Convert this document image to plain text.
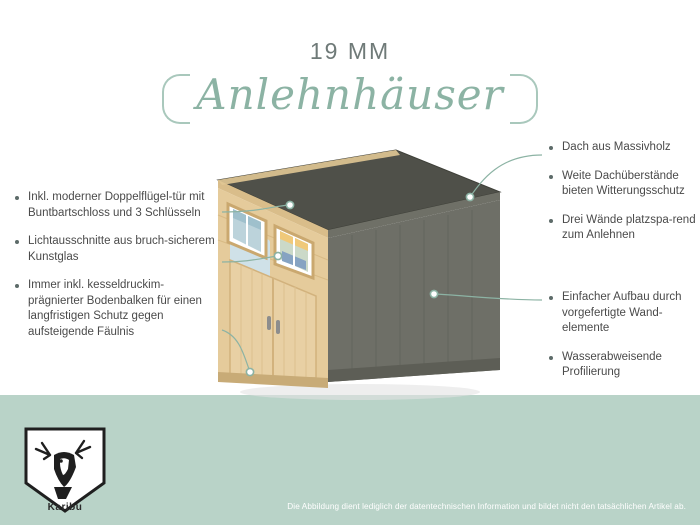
19 MM
Anlehnhäuser
Inkl. moderner Doppelflügel-tür mit Buntbartschloss und 3 Schlüsseln
Lichtausschnitte aus bruch-sicherem Kunstglas
Immer inkl. kesseldruckim-prägnierter Bodenbalken für einen langfristigen Schutz gegen aufsteigende Fäulnis
Dach aus Massivholz
Weite Dachüberstände bieten Witterungsschutz
Drei Wände platzspa-rend zum Anlehnen
Einfacher Aufbau durch vorgefertigte Wand-elemente
Wasserabweisende Profilierung
Karibu	Die Abbildung dient lediglich der datentechnischen Information und bildet nicht den tatsächlichen Artikel ab.
